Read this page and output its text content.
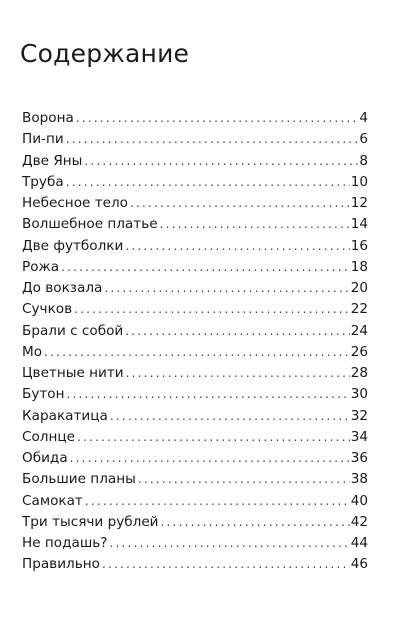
Содержание
Ворона .....	4
Пи-пи .....	6
Две Яны .....	8
Труба .....	10
Небесное тело .....	12
Волшебное платье .....	14
Две футболки .....	16
Рожа .....	18
До вокзала .....	20
Сучков .....	22
Брали с собой .....	24
Мо .....	26
Цветные нити .....	28
Бутон .....	30
Каракатица .....	32
Солнце .....	34
Обида .....	36
Большие планы .....	38
Самокат .....	40
Три тысячи рублей .....	42
Не подашь? .....	44
Правильно .....	46
